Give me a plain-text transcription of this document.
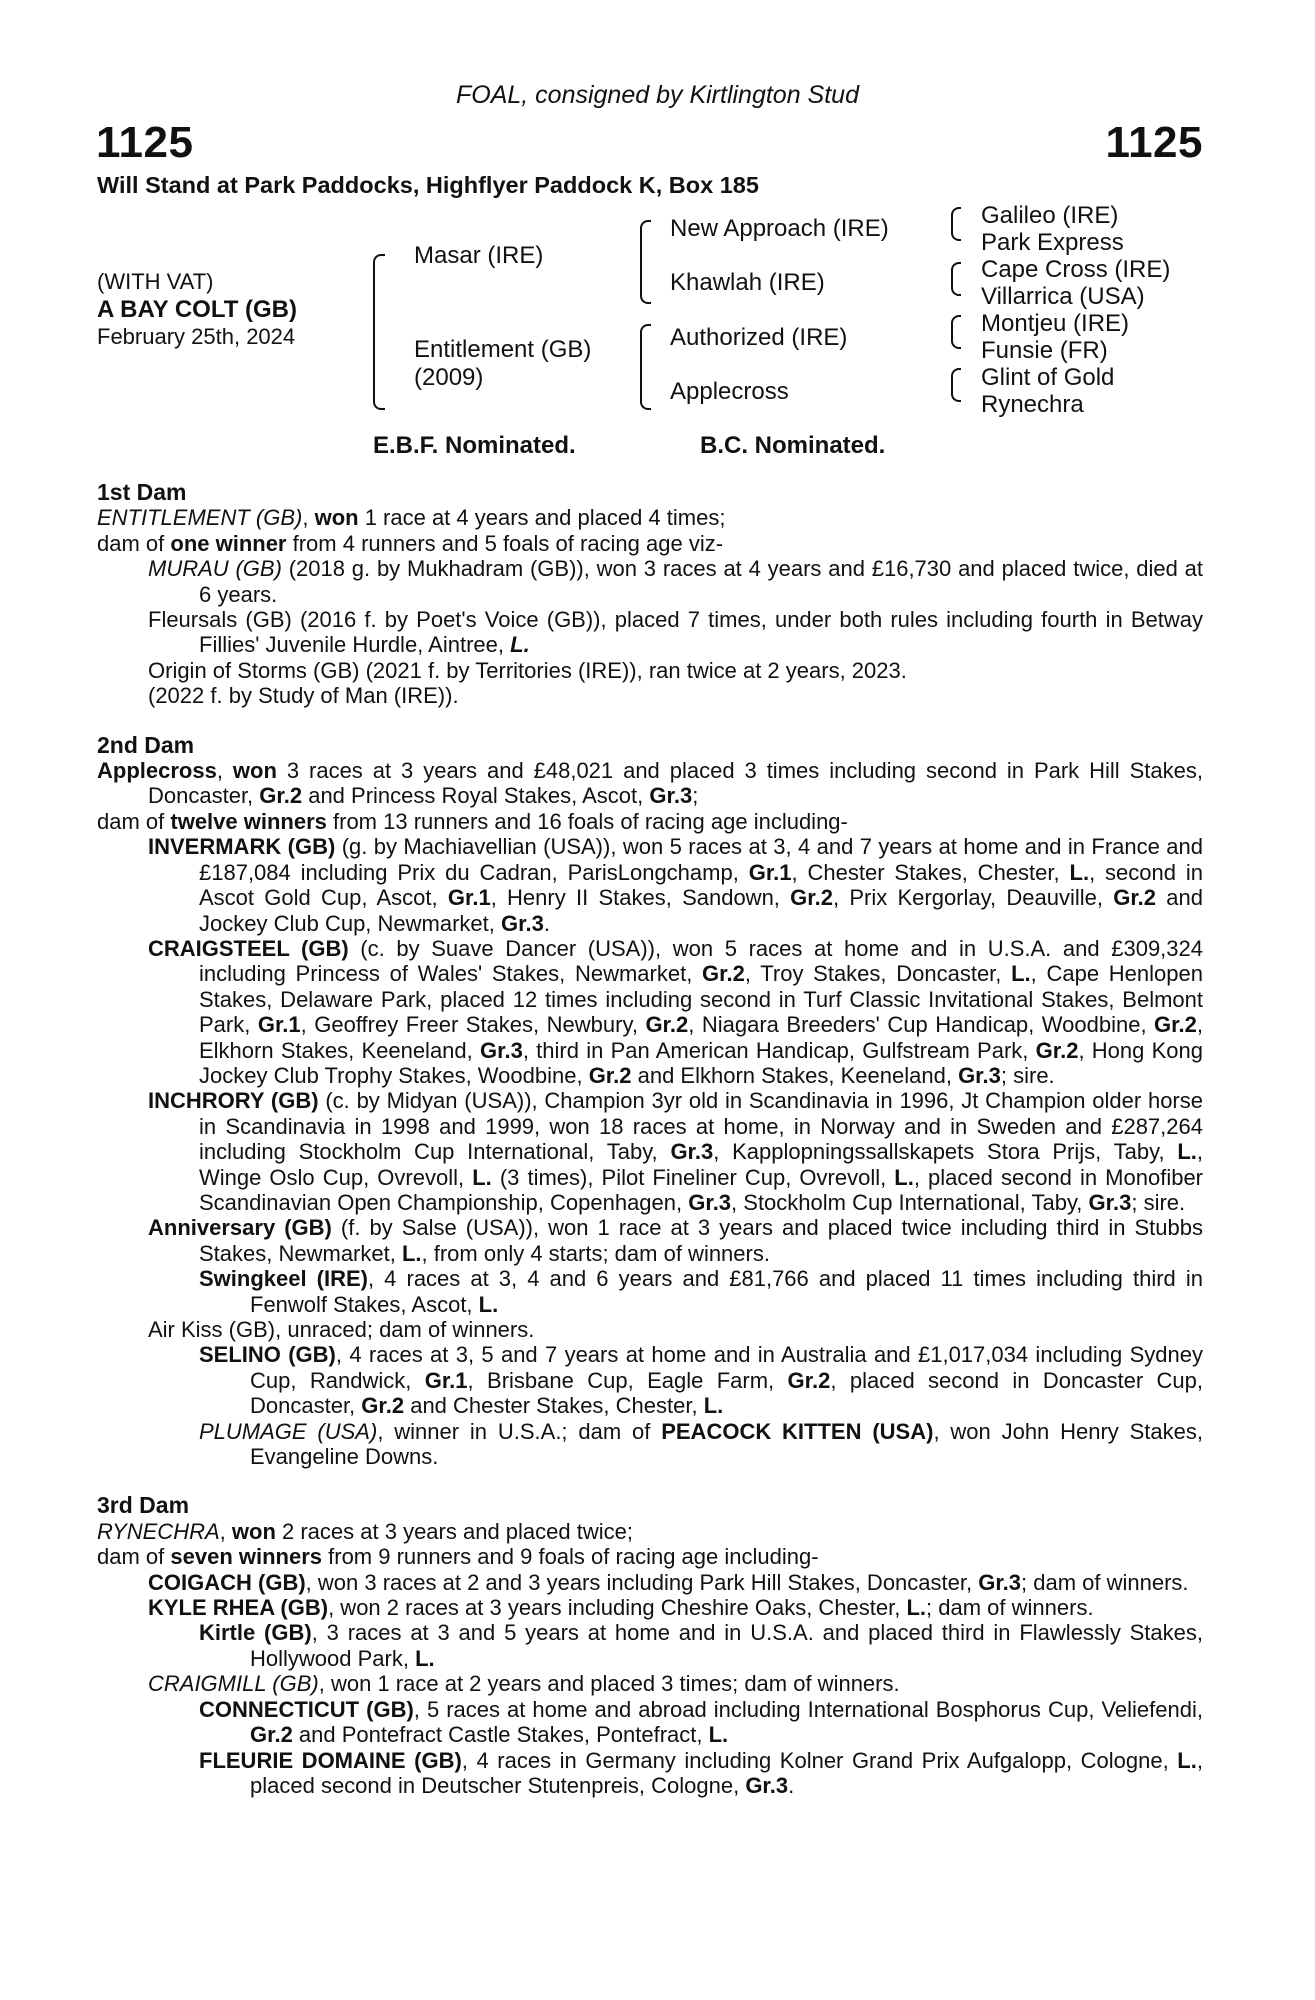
FOAL, consigned by Kirtlington Stud
1125	1125
Will Stand at Park Paddocks, Highflyer Paddock K, Box 185
(WITH VAT)
A BAY COLT (GB)
February 25th, 2024
Masar (IRE)
Entitlement (GB)
(2009)
New Approach (IRE)
Khawlah (IRE)
Authorized (IRE)
Applecross
Galileo (IRE)
Park Express
Cape Cross (IRE)
Villarrica (USA)
Montjeu (IRE)
Funsie (FR)
Glint of Gold
Rynechra
E.B.F. Nominated.	B.C. Nominated.
1st Dam
ENTITLEMENT (GB), won 1 race at 4 years and placed 4 times;
dam of one winner from 4 runners and 5 foals of racing age viz-
MURAU (GB) (2018 g. by Mukhadram (GB)), won 3 races at 4 years and £16,730 and placed twice, died at 6 years.
Fleursals (GB) (2016 f. by Poet's Voice (GB)), placed 7 times, under both rules including fourth in Betway Fillies' Juvenile Hurdle, Aintree, L.
Origin of Storms (GB) (2021 f. by Territories (IRE)), ran twice at 2 years, 2023.
(2022 f. by Study of Man (IRE)).
2nd Dam
Applecross, won 3 races at 3 years and £48,021 and placed 3 times including second in Park Hill Stakes, Doncaster, Gr.2 and Princess Royal Stakes, Ascot, Gr.3;
dam of twelve winners from 13 runners and 16 foals of racing age including-
INVERMARK (GB) (g. by Machiavellian (USA)), won 5 races at 3, 4 and 7 years at home and in France and £187,084 including Prix du Cadran, ParisLongchamp, Gr.1, Chester Stakes, Chester, L., second in Ascot Gold Cup, Ascot, Gr.1, Henry II Stakes, Sandown, Gr.2, Prix Kergorlay, Deauville, Gr.2 and Jockey Club Cup, Newmarket, Gr.3.
CRAIGSTEEL (GB) (c. by Suave Dancer (USA)), won 5 races at home and in U.S.A. and £309,324 including Princess of Wales' Stakes, Newmarket, Gr.2, Troy Stakes, Doncaster, L., Cape Henlopen Stakes, Delaware Park, placed 12 times including second in Turf Classic Invitational Stakes, Belmont Park, Gr.1, Geoffrey Freer Stakes, Newbury, Gr.2, Niagara Breeders' Cup Handicap, Woodbine, Gr.2, Elkhorn Stakes, Keeneland, Gr.3, third in Pan American Handicap, Gulfstream Park, Gr.2, Hong Kong Jockey Club Trophy Stakes, Woodbine, Gr.2 and Elkhorn Stakes, Keeneland, Gr.3; sire.
INCHRORY (GB) (c. by Midyan (USA)), Champion 3yr old in Scandinavia in 1996, Jt Champion older horse in Scandinavia in 1998 and 1999, won 18 races at home, in Norway and in Sweden and £287,264 including Stockholm Cup International, Taby, Gr.3, Kapplopningssallskapets Stora Prijs, Taby, L., Winge Oslo Cup, Ovrevoll, L. (3 times), Pilot Fineliner Cup, Ovrevoll, L., placed second in Monofiber Scandinavian Open Championship, Copenhagen, Gr.3, Stockholm Cup International, Taby, Gr.3; sire.
Anniversary (GB) (f. by Salse (USA)), won 1 race at 3 years and placed twice including third in Stubbs Stakes, Newmarket, L., from only 4 starts; dam of winners.
Swingkeel (IRE), 4 races at 3, 4 and 6 years and £81,766 and placed 11 times including third in Fenwolf Stakes, Ascot, L.
Air Kiss (GB), unraced; dam of winners.
SELINO (GB), 4 races at 3, 5 and 7 years at home and in Australia and £1,017,034 including Sydney Cup, Randwick, Gr.1, Brisbane Cup, Eagle Farm, Gr.2, placed second in Doncaster Cup, Doncaster, Gr.2 and Chester Stakes, Chester, L.
PLUMAGE (USA), winner in U.S.A.; dam of PEACOCK KITTEN (USA), won John Henry Stakes, Evangeline Downs.
3rd Dam
RYNECHRA, won 2 races at 3 years and placed twice;
dam of seven winners from 9 runners and 9 foals of racing age including-
COIGACH (GB), won 3 races at 2 and 3 years including Park Hill Stakes, Doncaster, Gr.3; dam of winners.
KYLE RHEA (GB), won 2 races at 3 years including Cheshire Oaks, Chester, L.; dam of winners.
Kirtle (GB), 3 races at 3 and 5 years at home and in U.S.A. and placed third in Flawlessly Stakes, Hollywood Park, L.
CRAIGMILL (GB), won 1 race at 2 years and placed 3 times; dam of winners.
CONNECTICUT (GB), 5 races at home and abroad including International Bosphorus Cup, Veliefendi, Gr.2 and Pontefract Castle Stakes, Pontefract, L.
FLEURIE DOMAINE (GB), 4 races in Germany including Kolner Grand Prix Aufgalopp, Cologne, L., placed second in Deutscher Stutenpreis, Cologne, Gr.3.
